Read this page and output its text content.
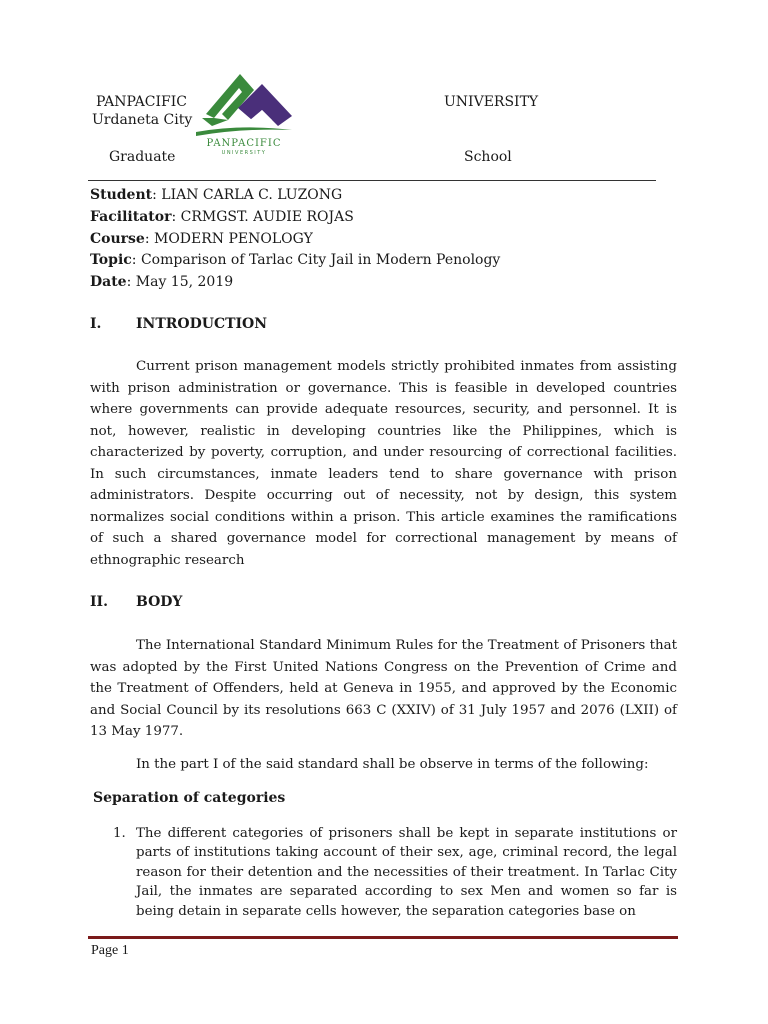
PANPACIFIC	UNIVERSITY
Urdaneta City
Graduate	School
PANPACIFIC
UNIVERSITY
Student: LIAN CARLA C. LUZONG
Facilitator: CRMGST. AUDIE ROJAS
Course: MODERN PENOLOGY
Topic: Comparison of Tarlac City Jail in Modern Penology
Date: May 15, 2019
I. INTRODUCTION
Current prison management models strictly prohibited inmates from assisting with prison administration or governance. This is feasible in developed countries where governments can provide adequate resources, security, and personnel. It is not, however, realistic in developing countries like the Philippines, which is characterized by poverty, corruption, and under resourcing of correctional facilities. In such circumstances, inmate leaders tend to share governance with prison administrators. Despite occurring out of necessity, not by design, this system normalizes social conditions within a prison. This article examines the ramifications of such a shared governance model for correctional management by means of ethnographic research
II. BODY
The International Standard Minimum Rules for the Treatment of Prisoners that was adopted by the First United Nations Congress on the Prevention of Crime and the Treatment of Offenders, held at Geneva in 1955, and approved by the Economic and Social Council by its resolutions 663 C (XXIV) of 31 July 1957 and 2076 (LXII) of 13 May 1977.
In the part I of the said standard shall be observe in terms of the following:
Separation of categories
1. The different categories of prisoners shall be kept in separate institutions or parts of institutions taking account of their sex, age, criminal record, the legal reason for their detention and the necessities of their treatment. In Tarlac City Jail, the inmates are separated according to sex Men and women so far is being detain in separate cells however, the separation categories base on
Page 1
